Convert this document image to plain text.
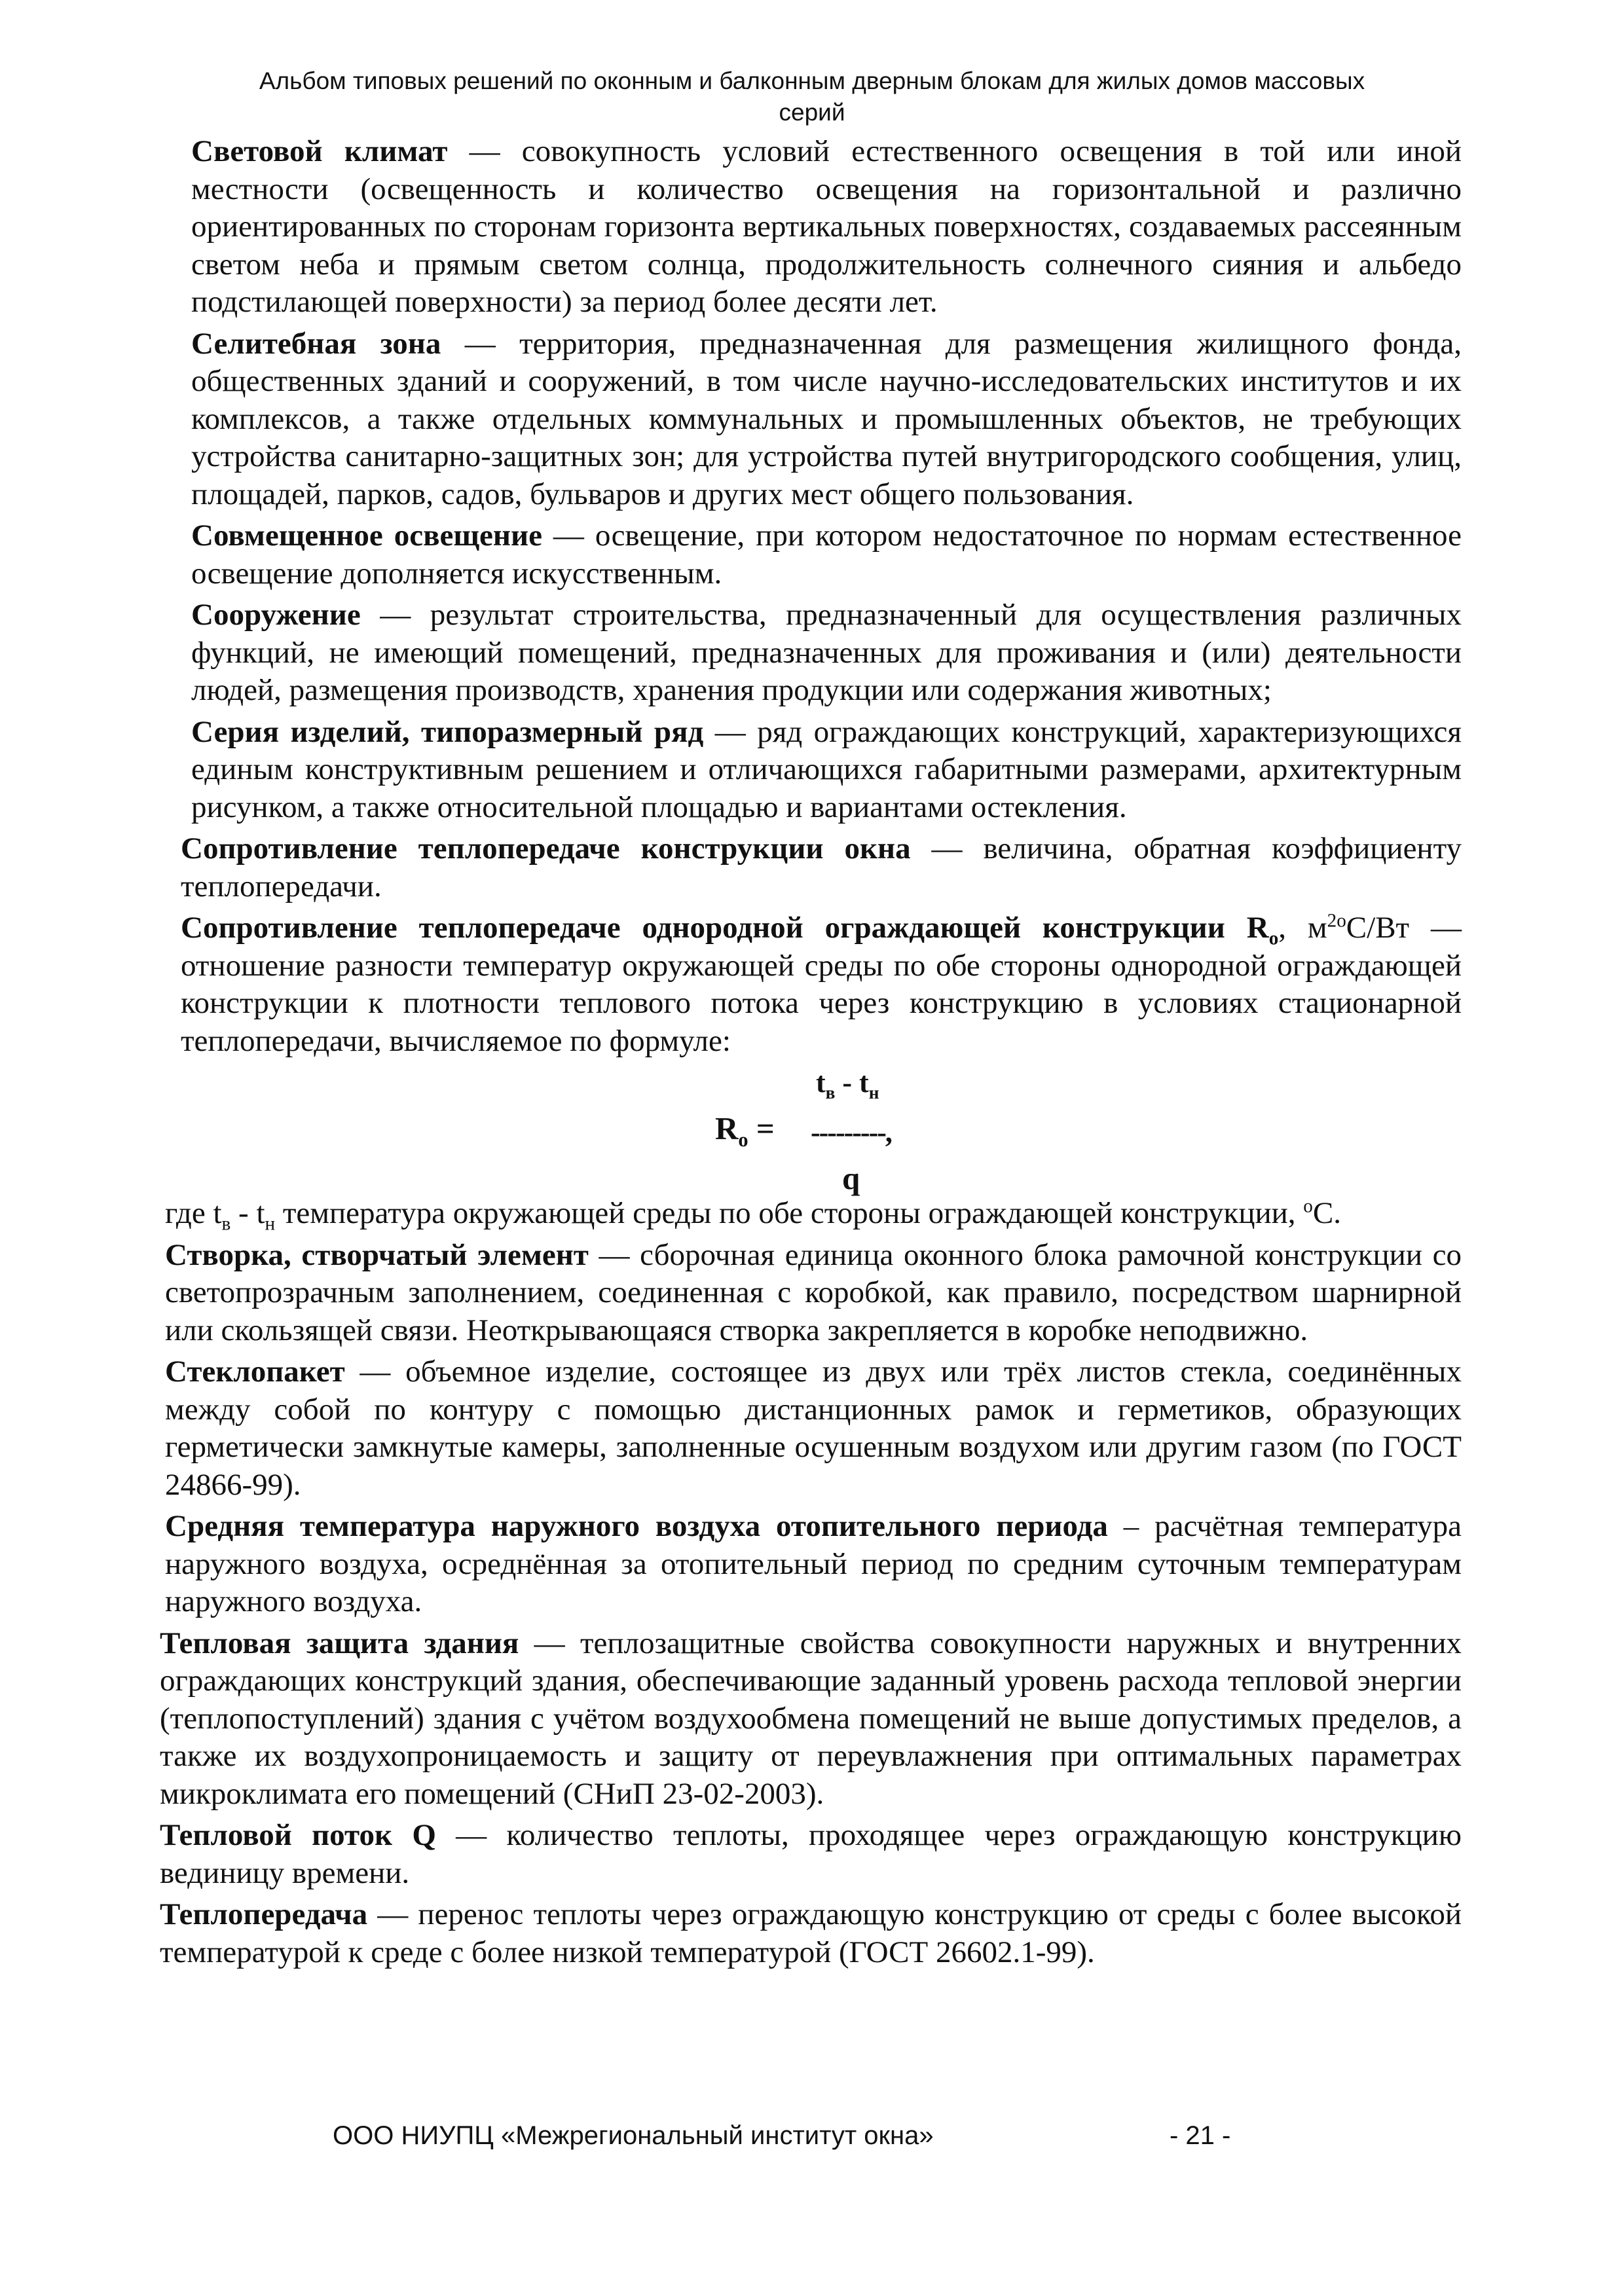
Альбом типовых решений по оконным и балконным дверным блокам для жилых домов массовых
серий

Световой климат — совокупность условий естественного освещения в той или иной местности (освещенность и количество освещения на горизонтальной и различно ориентированных по сторонам горизонта вертикальных поверхностях, создаваемых рассеянным светом неба и прямым светом солнца, продолжительность солнечного сияния и альбедо подстилающей поверхности) за период более десяти лет.

Селитебная зона — территория, предназначенная для размещения жилищного фонда, общественных зданий и сооружений, в том числе научно-исследовательских институтов и их комплексов, а также отдельных коммунальных и промышленных объектов, не требующих устройства санитарно-защитных зон; для устройства путей внутригородского сообщения, улиц, площадей, парков, садов, бульваров и других мест общего пользования.

Совмещенное освещение — освещение, при котором недостаточное по нормам естественное освещение дополняется искусственным.

Сооружение — результат строительства, предназначенный для осуществления различных функций, не имеющий помещений, предназначенных для проживания и (или) деятельности людей, размещения производств, хранения продукции или содержания животных;

Серия изделий, типоразмерный ряд — ряд ограждающих конструкций, характеризующихся единым конструктивным решением и отличающихся габаритными размерами, архитектурным рисунком, а также относительной площадью и вариантами остекления.

Сопротивление теплопередаче конструкции окна — величина, обратная коэффициенту теплопередачи.

Сопротивление теплопередаче однородной ограждающей конструкции $R_o$, $м^{2о}С/Вт$ — отношение разности температур окружающей среды по обе стороны однородной ограждающей конструкции к плотности теплового потока через конструкцию в условиях стационарной теплопередачи, вычисляемое по формуле:

$R_o$ =
$t_в - t_н$
---------,
q

где $t_в - t_н$ температура окружающей среды по обе стороны ограждающей конструкции, $^о$С.

Створка, створчатый элемент — сборочная единица оконного блока рамочной конструкции со светопрозрачным заполнением, соединенная с коробкой, как правило, посредством шарнирной или скользящей связи. Неоткрывающаяся створка закрепляется в коробке неподвижно.

Стеклопакет — объемное изделие, состоящее из двух или трёх листов стекла, соединённых между собой по контуру с помощью дистанционных рамок и герметиков, образующих герметически замкнутые камеры, заполненные осушенным воздухом или другим газом (по ГОСТ 24866-99).

Средняя температура наружного воздуха отопительного периода – расчётная температура наружного воздуха, осреднённая за отопительный период по средним суточным температурам наружного воздуха.

Тепловая защита здания — теплозащитные свойства совокупности наружных и внутренних ограждающих конструкций здания, обеспечивающие заданный уровень расхода тепловой энергии (теплопоступлений) здания с учётом воздухообмена помещений не выше допустимых пределов, а также их воздухопроницаемость и защиту от переувлажнения при оптимальных параметрах микроклимата его помещений (СНиП 23-02-2003).

Тепловой поток Q — количество теплоты, проходящее через ограждающую конструкцию вединицу времени.

Теплопередача — перенос теплоты через ограждающую конструкцию от среды с более высокой температурой к среде с более низкой температурой (ГОСТ 26602.1-99).

ООО НИУПЦ «Межрегиональный институт окна»	- 21 -
